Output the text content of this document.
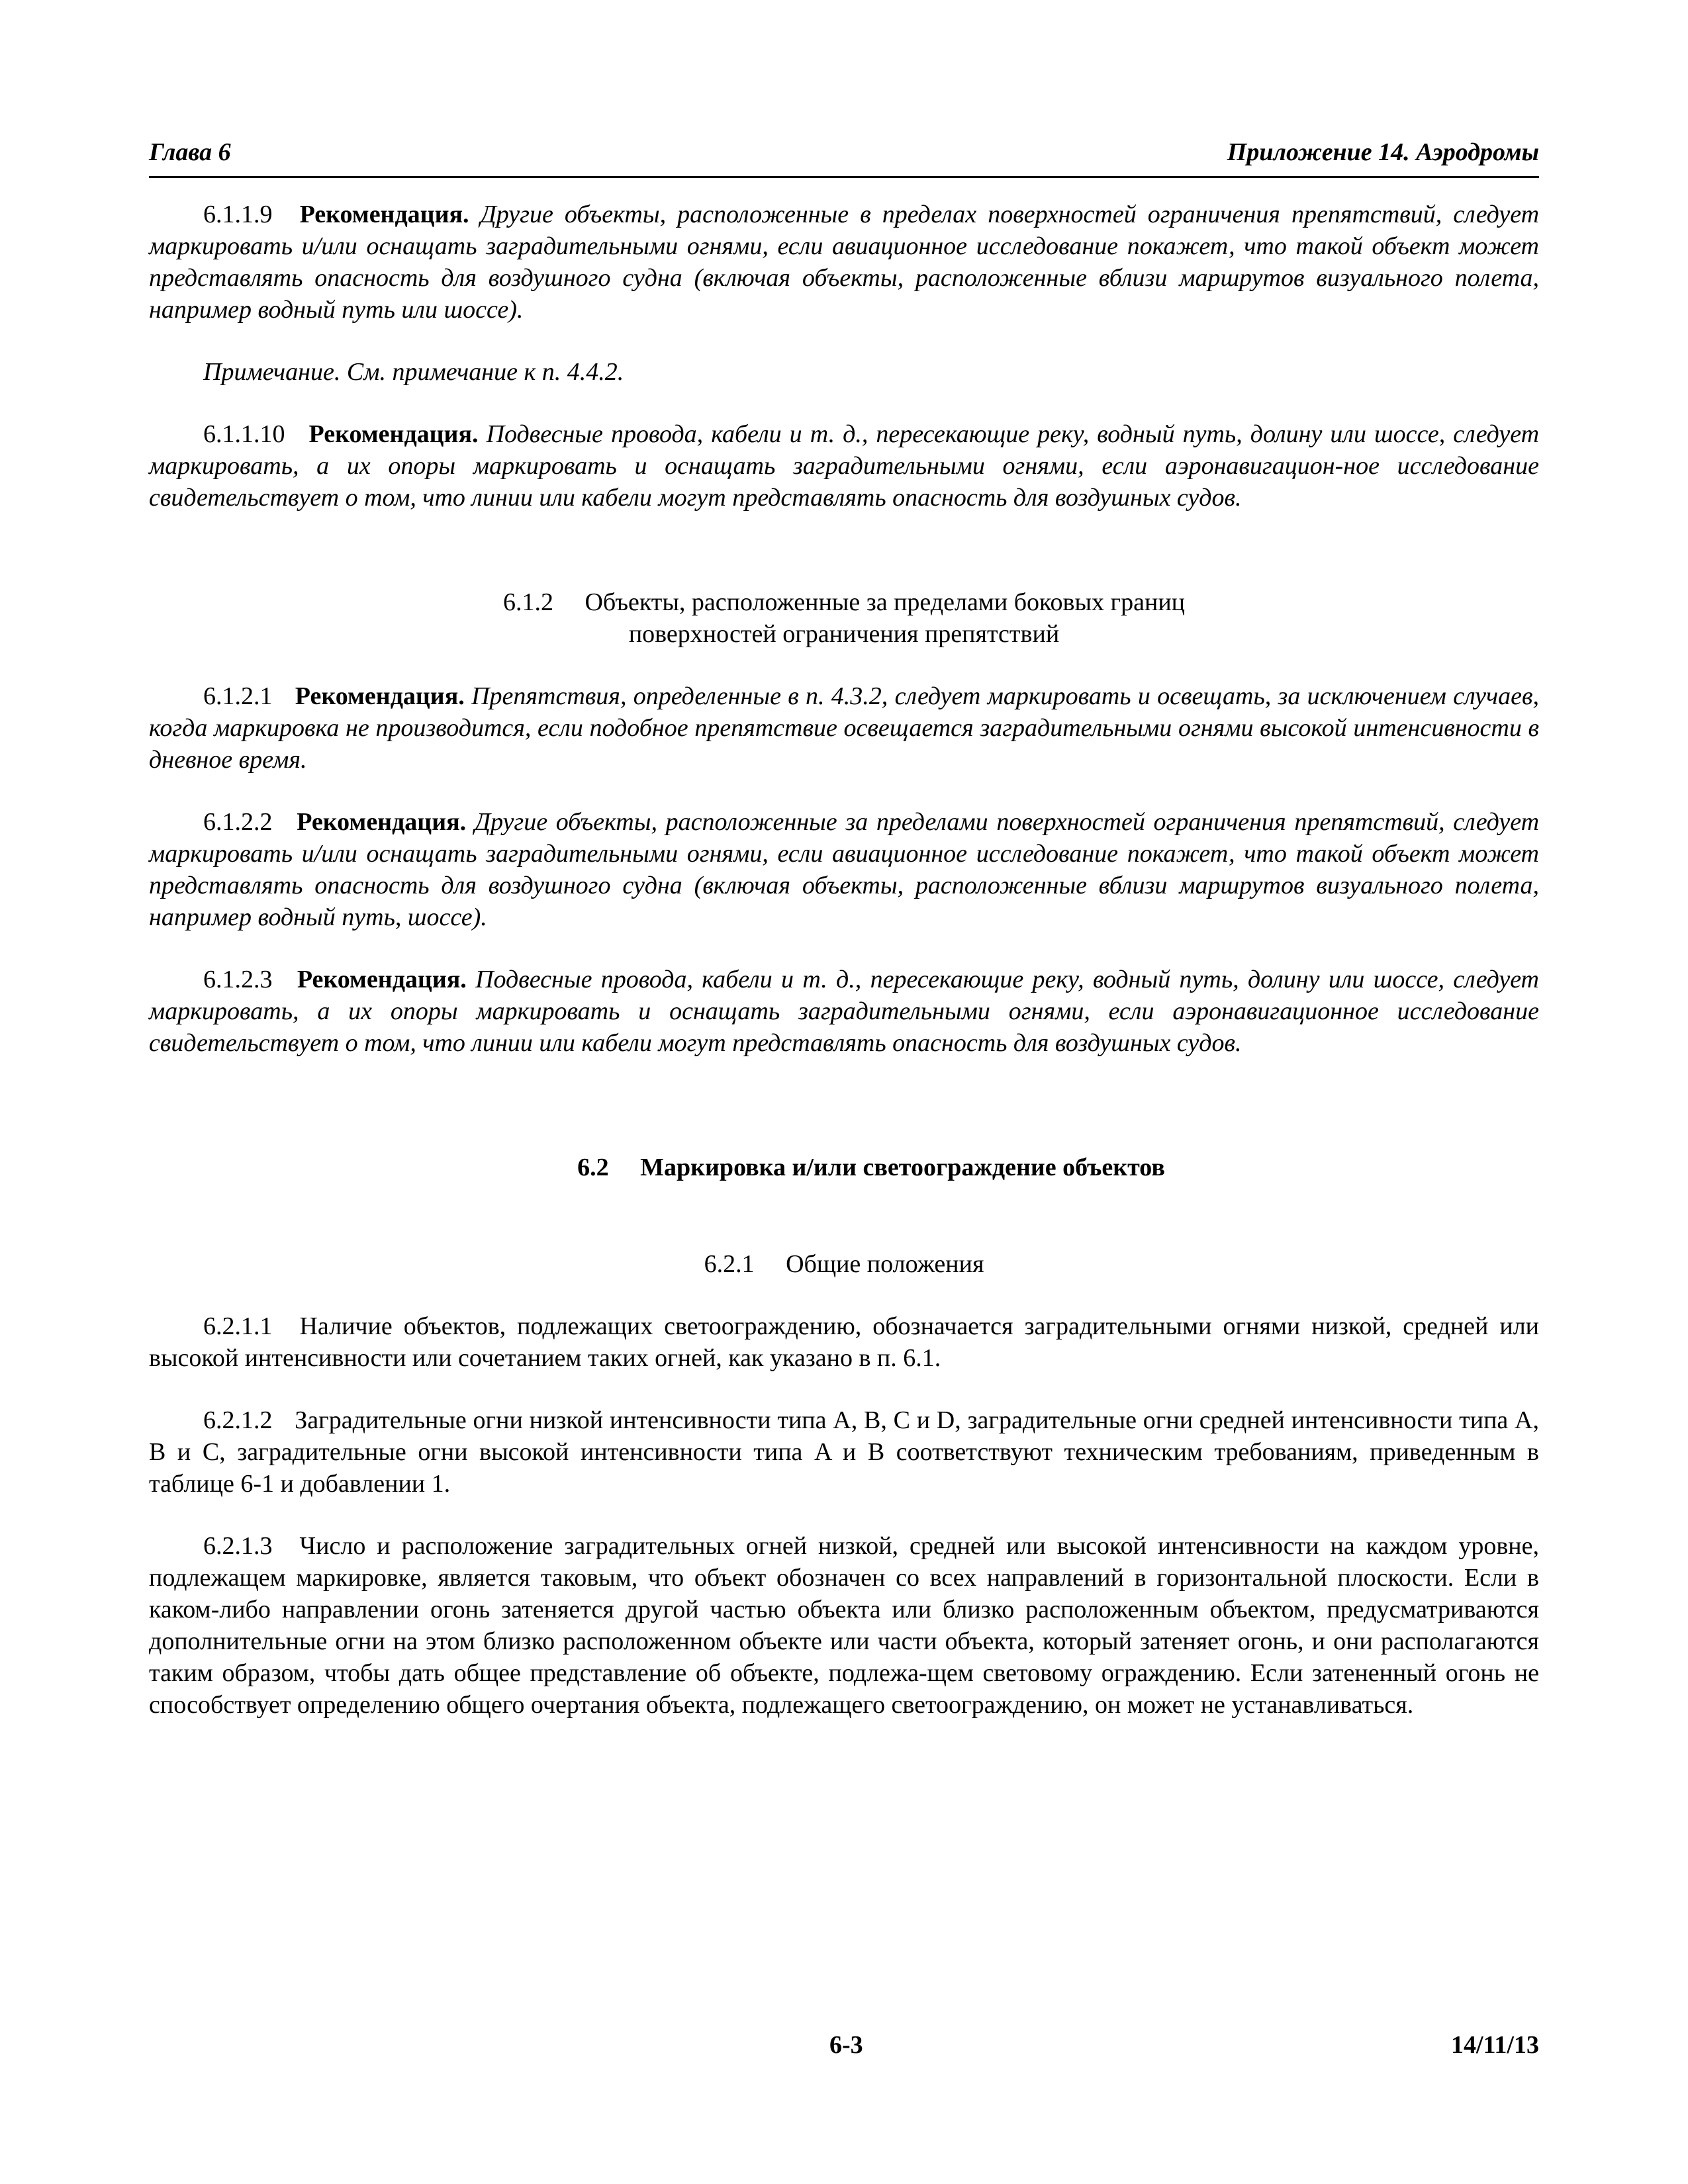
Глава 6	Приложение 14. Аэродромы

6.1.1.9 Рекомендация. Другие объекты, расположенные в пределах поверхностей ограничения препятствий, следует маркировать и/или оснащать заградительными огнями, если авиационное исследование покажет, что такой объект может представлять опасность для воздушного судна (включая объекты, расположенные вблизи маршрутов визуального полета, например водный путь или шоссе).

Примечание. См. примечание к п. 4.4.2.

6.1.1.10 Рекомендация. Подвесные провода, кабели и т. д., пересекающие реку, водный путь, долину или шоссе, следует маркировать, а их опоры маркировать и оснащать заградительными огнями, если аэронавигацион-ное исследование свидетельствует о том, что линии или кабели могут представлять опасность для воздушных судов.

6.1.2     Объекты, расположенные за пределами боковых границ

поверхностей ограничения препятствий

6.1.2.1 Рекомендация. Препятствия, определенные в п. 4.3.2, следует маркировать и освещать, за исключением случаев, когда маркировка не производится, если подобное препятствие освещается заградительными огнями высокой интенсивности в дневное время.

6.1.2.2 Рекомендация. Другие объекты, расположенные за пределами поверхностей ограничения препятствий, следует маркировать и/или оснащать заградительными огнями, если авиационное исследование покажет, что такой объект может представлять опасность для воздушного судна (включая объекты, расположенные вблизи маршрутов визуального полета, например водный путь, шоссе).

6.1.2.3 Рекомендация. Подвесные провода, кабели и т. д., пересекающие реку, водный путь, долину или шоссе, следует маркировать, а их опоры маркировать и оснащать заградительными огнями, если аэронавигационное исследование свидетельствует о том, что линии или кабели могут представлять опасность для воздушных судов.

6.2     Маркировка и/или светоограждение объектов

6.2.1     Общие положения

6.2.1.1 Наличие объектов, подлежащих светоограждению, обозначается заградительными огнями низкой, средней или высокой интенсивности или сочетанием таких огней, как указано в п. 6.1.

6.2.1.2 Заградительные огни низкой интенсивности типа A, B, C и D, заградительные огни средней интенсивности типа A, B и C, заградительные огни высокой интенсивности типа A и B соответствуют техническим требованиям, приведенным в таблице 6-1 и добавлении 1.

6.2.1.3 Число и расположение заградительных огней низкой, средней или высокой интенсивности на каждом уровне, подлежащем маркировке, является таковым, что объект обозначен со всех направлений в горизонтальной плоскости. Если в каком-либо направлении огонь затеняется другой частью объекта или близко расположенным объектом, предусматриваются дополнительные огни на этом близко расположенном объекте или части объекта, который затеняет огонь, и они располагаются таким образом, чтобы дать общее представление об объекте, подлежа-щем световому ограждению. Если затененный огонь не способствует определению общего очертания объекта, подлежащего светоограждению, он может не устанавливаться.

6-3	14/11/13
